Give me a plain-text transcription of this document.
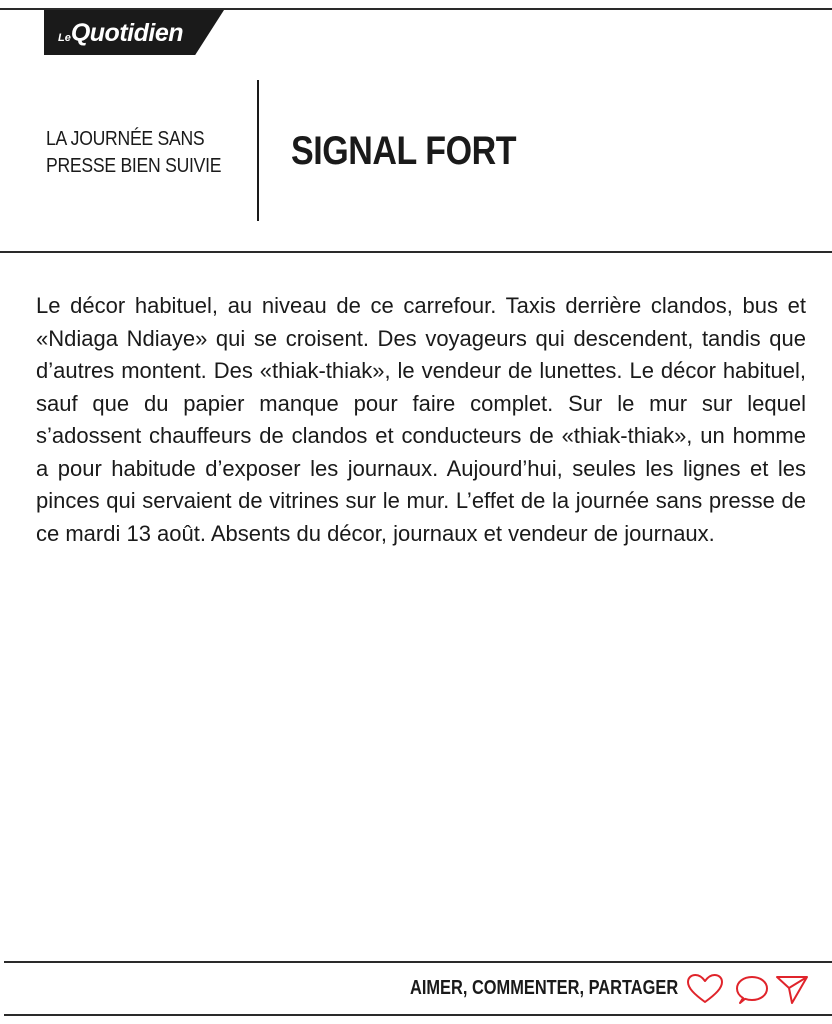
LeQuotidien
LA JOURNÉE SANS
PRESSE BIEN SUIVIE SIGNAL FORT

Le décor habituel, au niveau de ce carrefour. Taxis derrière clandos, bus et «Ndiaga Ndiaye» qui se croisent. Des voyageurs qui descendent, tandis que d’autres montent. Des «thiak-thiak», le vendeur de lunettes. Le décor habituel, sauf que du papier manque pour faire complet. Sur le mur sur lequel s’adossent chauffeurs de clandos et conducteurs de «thiak-thiak», un homme a pour habitude d’exposer les journaux. Aujourd’hui, seules les lignes et les pinces qui servaient de vitrines sur le mur. L’effet de la journée sans presse de ce mardi 13 août. Absents du décor, journaux et vendeur de journaux.

AIMER, COMMENTER, PARTAGER
